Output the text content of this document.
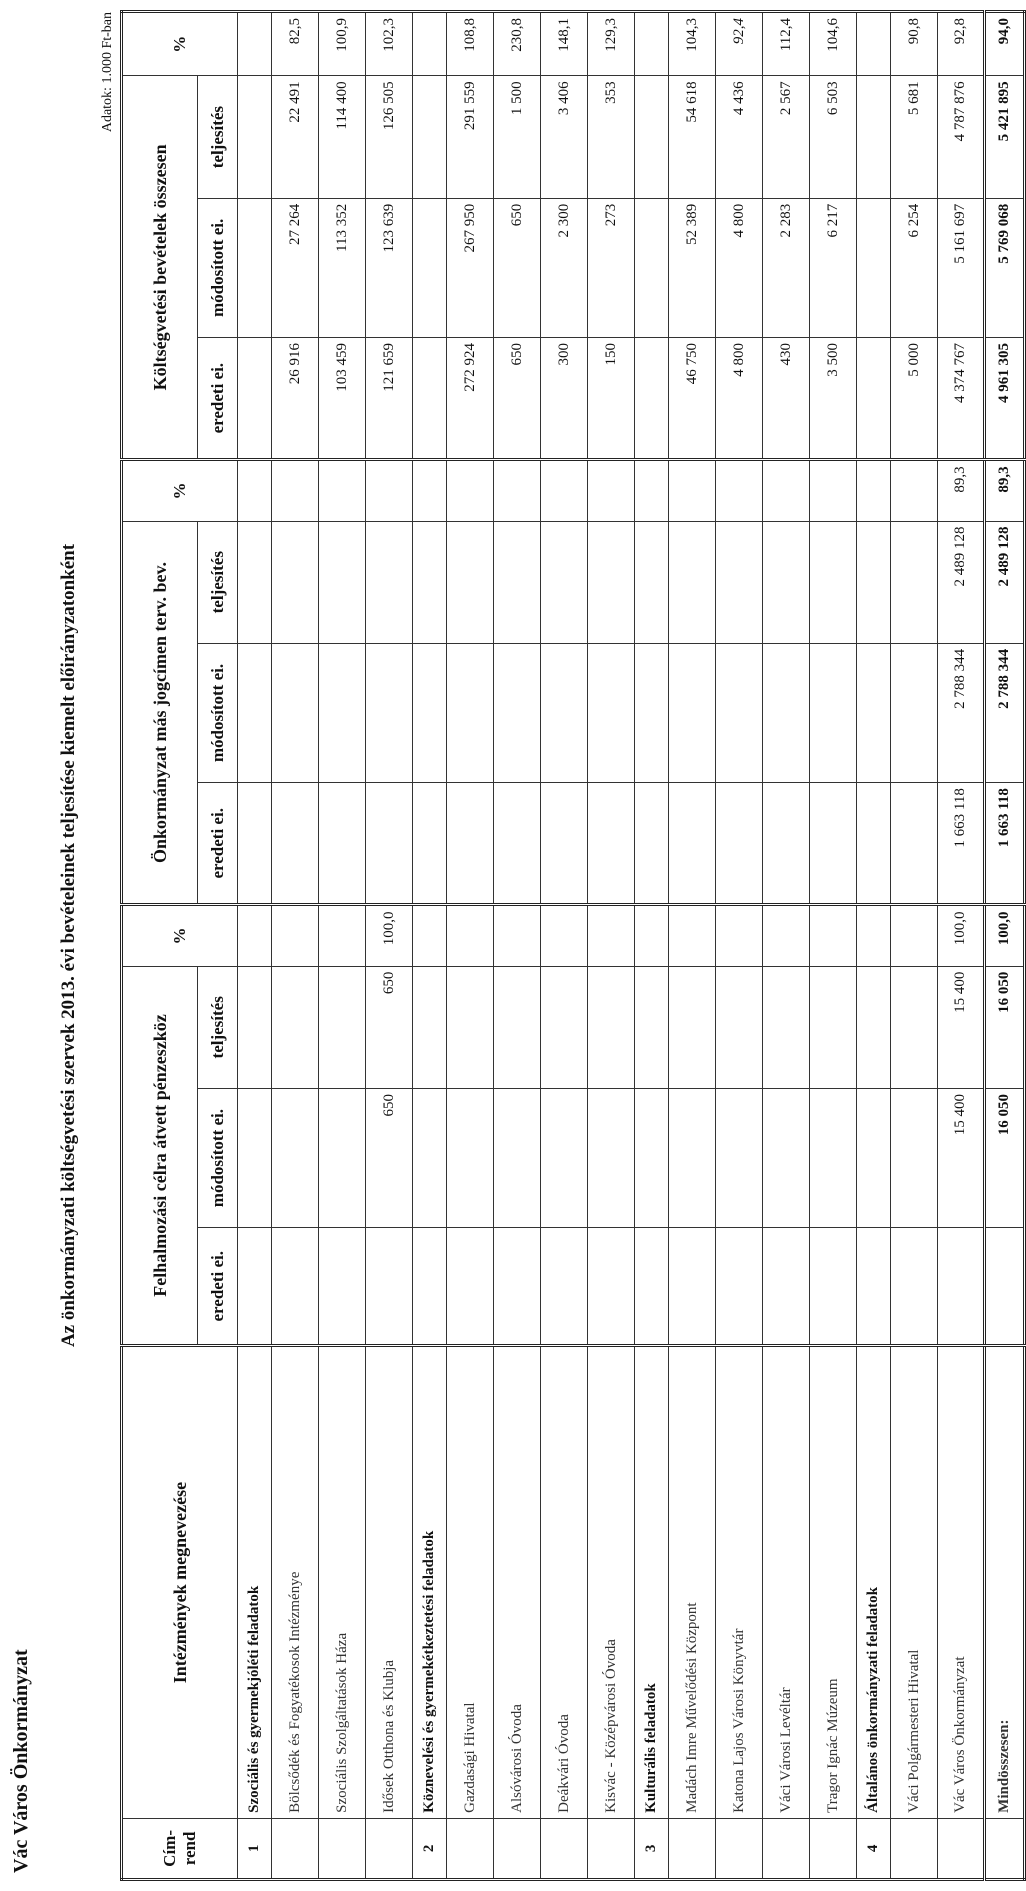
Vác Város Önkormányzat
Az önkormányzati költségvetési szervek 2013. évi bevételeinek teljesítése kiemelt előirányzatonként
Adatok: 1.000 Ft-ban
Cím-rend	Intézmények megnevezése	Felhalmozási célra átvett pénzeszköz			%	Önkormányzat más jogcímen terv. bev.			%	Költségvetési bevételek összesen			%
		eredeti ei.	módosított ei.	teljesítés		eredeti ei.	módosított ei.	teljesítés		eredeti ei.	módosított ei.	teljesítés	
1	Szociális és gyermekjóléti feladatok												
	Bölcsődék és Fogyatékosok Intézménye									26 916	27 264	22 491	82,5
	Szociális Szolgáltatások Háza									103 459	113 352	114 400	100,9
	Idősek Otthona és Klubja		650	650	100,0					121 659	123 639	126 505	102,3
2	Köznevelési és gyermekétkeztetési feladatok												
	Gazdasági Hivatal									272 924	267 950	291 559	108,8
	Alsóvárosi Óvoda									650	650	1 500	230,8
	Deákvári Óvoda									300	2 300	3 406	148,1
	Kisvác - Középvárosi Óvoda									150	273	353	129,3
3	Kulturális feladatok												
	Madách Imre Művelődési Központ									46 750	52 389	54 618	104,3
	Katona Lajos Városi Könyvtár									4 800	4 800	4 436	92,4
	Váci Városi Levéltár									430	2 283	2 567	112,4
	Tragor Ignác Múzeum									3 500	6 217	6 503	104,6
4	Általános önkormányzati feladatok												
	Váci Polgármesteri Hivatal									5 000	6 254	5 681	90,8
	Vác Város Önkormányzat		15 400	15 400	100,0	1 663 118	2 788 344	2 489 128	89,3	4 374 767	5 161 697	4 787 876	92,8
	Mindösszesen:		16 050	16 050	100,0	1 663 118	2 788 344	2 489 128	89,3	4 961 305	5 769 068	5 421 895	94,0
